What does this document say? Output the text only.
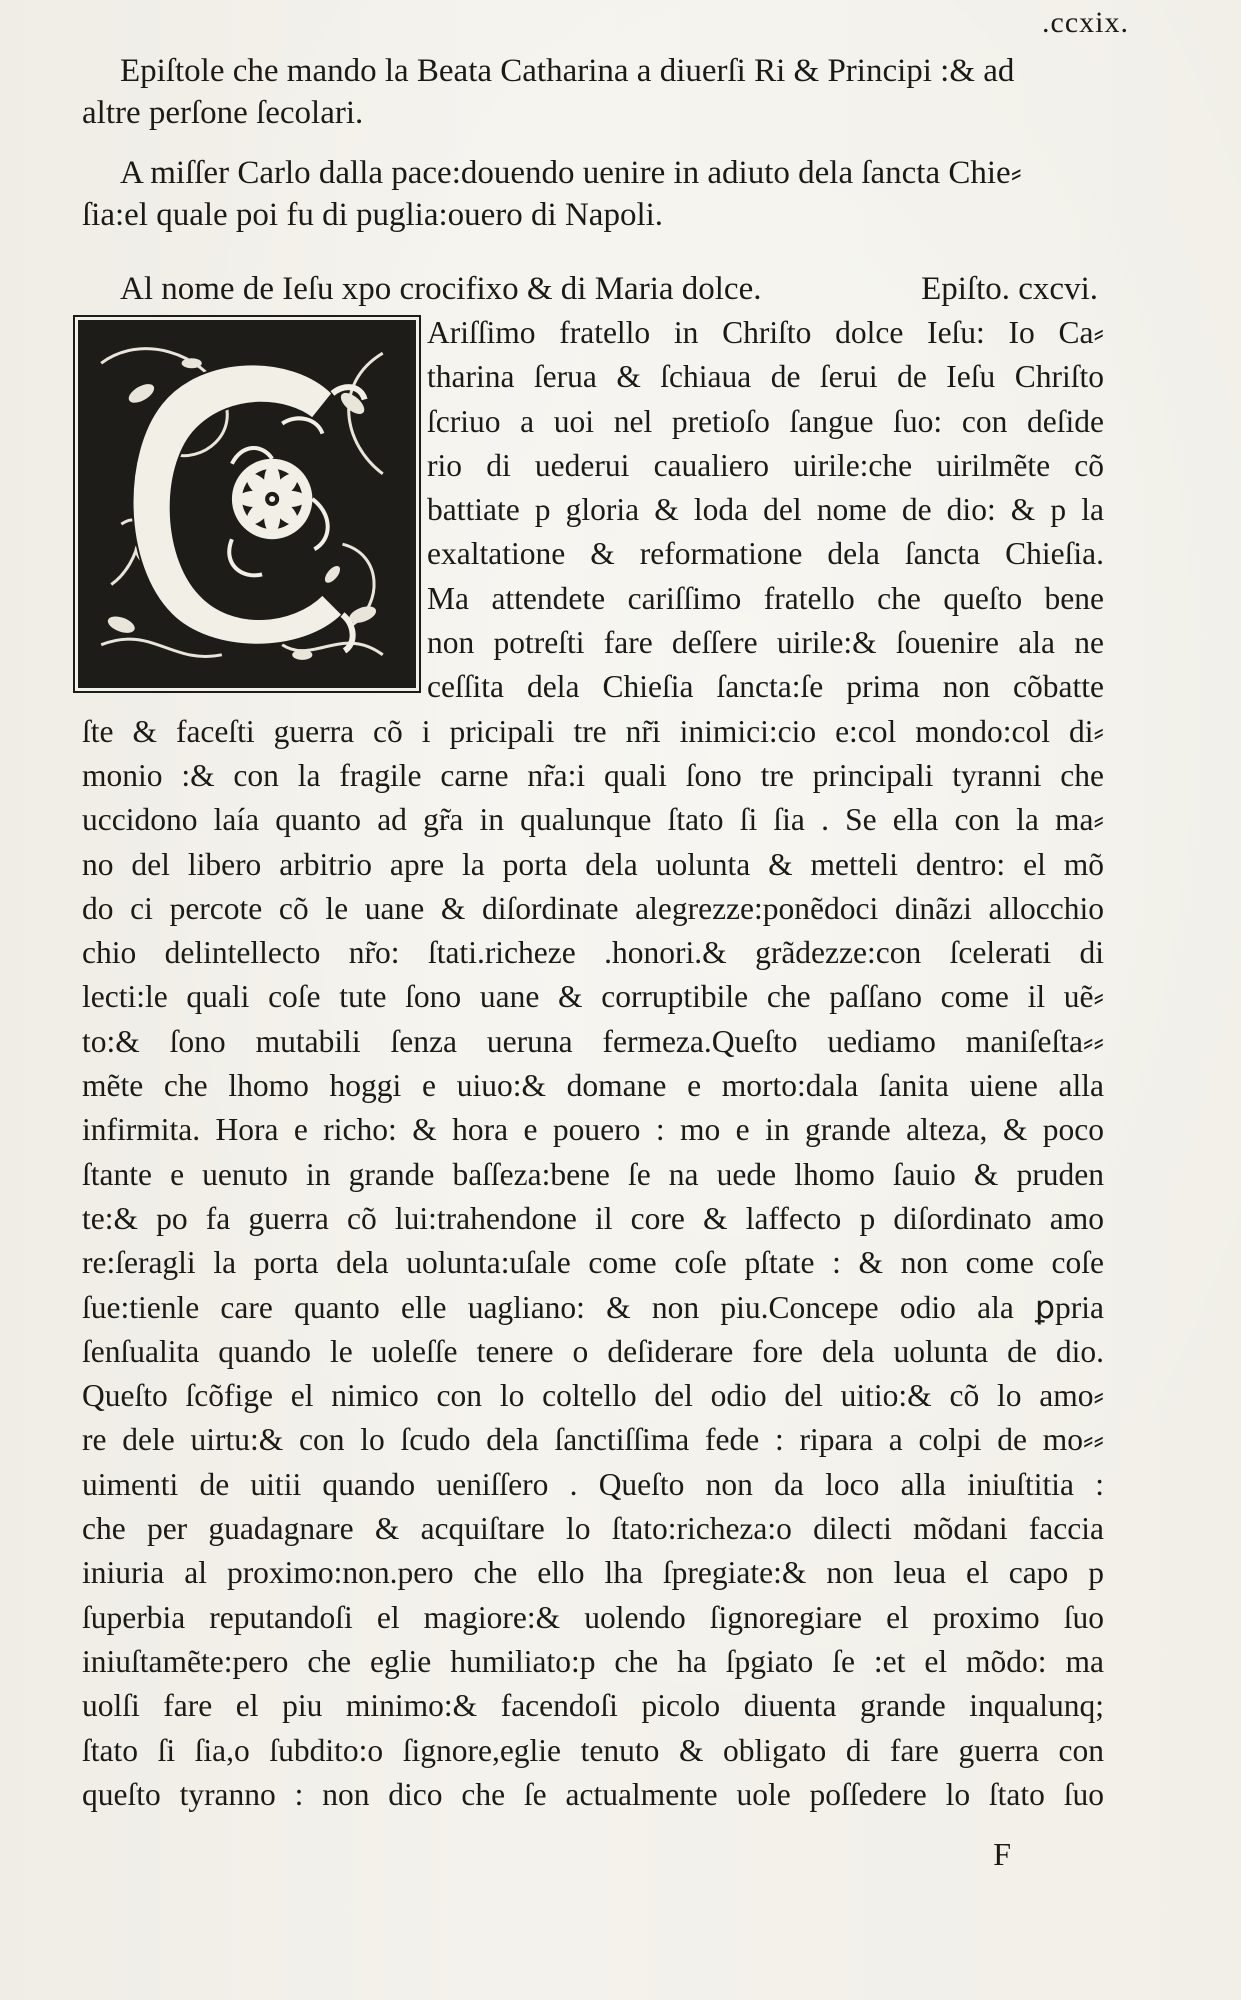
.ccxix.
Epiſtole che mando la Beata Catharina a diuerſi Ri & Principi :& ad
altre perſone ſecolari.
A miſſer Carlo dalla pace:douendo uenire in adiuto dela ſancta Chie⸗
ſia:el quale poi fu di puglia:ouero di Napoli.
Al nome de Ieſu xpo crocifixo & di Maria dolce.	Epiſto. cxcvi.
Ariſſimo fratello in Chriſto dolce Ieſu: Io Ca⸗
tharina ſerua & ſchiaua de ſerui de Ieſu Chriſto
ſcriuo a uoi nel pretioſo ſangue ſuo: con deſide
rio di uederui caualiero uirile:che uirilmẽte cõ
battiate p gloria & loda del nome de dio: & p la
exaltatione & reformatione dela ſancta Chieſia.
Ma attendete cariſſimo fratello che queſto bene
non potreſti fare deſſere uirile:& ſouenire ala ne
ceſſita dela Chieſia ſancta:ſe prima non cõbatte
ſte & faceſti guerra cõ i pricipali tre nr̃i inimici:cio e:col mondo:col di⸗
monio :& con la fragile carne nr̃a:i quali ſono tre principali tyranni che
uccidono laía quanto ad gr̃a in qualunque ſtato ſi ſia . Se ella con la ma⸗
no del libero arbitrio apre la porta dela uolunta & metteli dentro: el mõ
do ci percote cõ le uane & diſordinate alegrezze:ponẽdoci dinãzi allocchio
chio delintellecto nr̃o: ſtati.richeze .honori.& grãdezze:con ſcelerati di
lecti:le quali coſe tute ſono uane & corruptibile che paſſano come il uẽ⸗
to:& ſono mutabili ſenza ueruna fermeza.Queſto uediamo maniſeſta⸗⸗
mẽte che lhomo hoggi e uiuo:& domane e morto:dala ſanita uiene alla
infirmita. Hora e richo: & hora e pouero : mo e in grande alteza, & poco
ſtante e uenuto in grande baſſeza:bene ſe na uede lhomo ſauio & pruden
te:& po fa guerra cõ lui:trahendone il core & laffecto p diſordinato amo
re:ſeragli la porta dela uolunta:uſale come coſe pſtate : & non come coſe
ſue:tienle care quanto elle uagliano: & non piu.Concepe odio ala ꝑpria
ſenſualita quando le uoleſſe tenere o deſiderare fore dela uolunta de dio.
Queſto ſcõfige el nimico con lo coltello del odio del uitio:& cõ lo amo⸗
re dele uirtu:& con lo ſcudo dela ſanctiſſima fede : ripara a colpi de mo⸗⸗
uimenti de uitii quando ueniſſero . Queſto non da loco alla iniuſtitia :
che per guadagnare & acquiſtare lo ſtato:richeza:o dilecti mõdani faccia
iniuria al proximo:non.pero che ello lha ſpregiate:& non leua el capo p
ſuperbia reputandoſi el magiore:& uolendo ſignoregiare el proximo ſuo
iniuſtamẽte:pero che eglie humiliato:p che ha ſpgiato ſe :et el mõdo: ma
uolſi fare el piu minimo:& facendoſi picolo diuenta grande inqualunq;
ſtato ſi ſia,o ſubdito:o ſignore,eglie tenuto & obligato di fare guerra con
queſto tyranno : non dico che ſe actualmente uole poſſedere lo ſtato ſuo
F
